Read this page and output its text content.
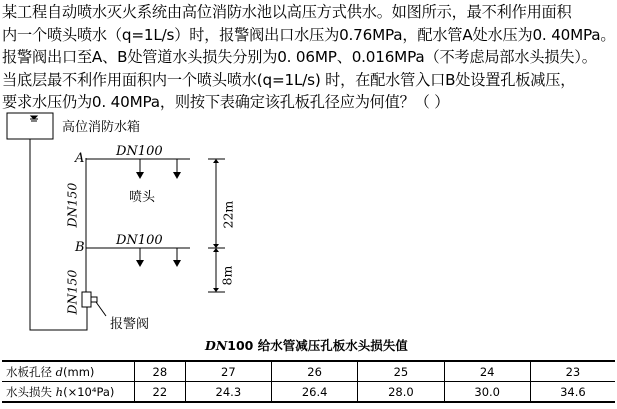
某工程自动喷水灭火系统由高位消防水池以高压方式供水。如图所示，最不利作用面积
内一个喷头喷水（q=1L/s）时，报警阀出口水压为0.76MPa，配水管A处水压为0. 40MPa。
报警阀出口至A、B处管道水头损失分别为0. 06MP、0.016MPa（不考虑局部水头损失）。
当底层最不利作用面积内一个喷头喷水(q=1L/s) 时，在配水管入口B处设置孔板减压，
要求水压仍为0. 40MPa，则按下表确定该孔板孔径应为何值？（ ）
高位消防水箱
A
B
DN100
DN100
喷头
DN150
DN150
22m
8m
报警阀
DN100 给水管减压孔板水头损失值
水板孔径 d(mm)	28	27	26	25	24	23
水头损失 h(×10⁴Pa)	22	24.3	26.4	28.0	30.0	34.6
